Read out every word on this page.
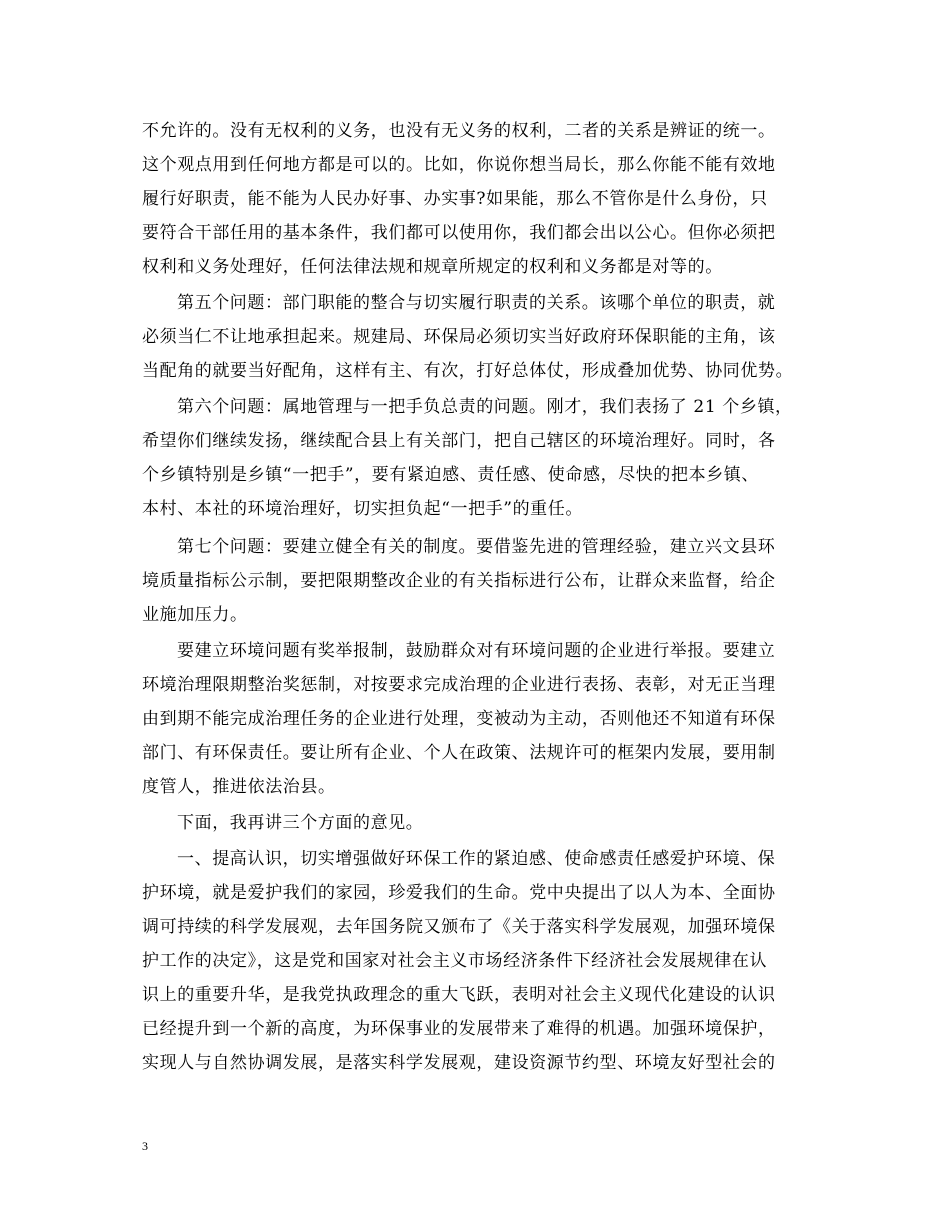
不允许的。没有无权利的义务，也没有无义务的权利，二者的关系是辨证的统一。
这个观点用到任何地方都是可以的。比如，你说你想当局长，那么你能不能有效地
履行好职责，能不能为人民办好事、办实事?如果能，那么不管你是什么身份，只
要符合干部任用的基本条件，我们都可以使用你，我们都会出以公心。但你必须把
权利和义务处理好，任何法律法规和规章所规定的权利和义务都是对等的。
第五个问题：部门职能的整合与切实履行职责的关系。该哪个单位的职责，就
必须当仁不让地承担起来。规建局、环保局必须切实当好政府环保职能的主角，该
当配角的就要当好配角，这样有主、有次，打好总体仗，形成叠加优势、协同优势。
第六个问题：属地管理与一把手负总责的问题。刚才，我们表扬了 21 个乡镇，
希望你们继续发扬，继续配合县上有关部门，把自己辖区的环境治理好。同时，各
个乡镇特别是乡镇“一把手”，要有紧迫感、责任感、使命感，尽快的把本乡镇、
本村、本社的环境治理好，切实担负起“一把手”的重任。
第七个问题：要建立健全有关的制度。要借鉴先进的管理经验，建立兴文县环
境质量指标公示制，要把限期整改企业的有关指标进行公布，让群众来监督，给企
业施加压力。
要建立环境问题有奖举报制，鼓励群众对有环境问题的企业进行举报。要建立
环境治理限期整治奖惩制，对按要求完成治理的企业进行表扬、表彰，对无正当理
由到期不能完成治理任务的企业进行处理，变被动为主动，否则他还不知道有环保
部门、有环保责任。要让所有企业、个人在政策、法规许可的框架内发展，要用制
度管人，推进依法治县。
下面，我再讲三个方面的意见。
一、提高认识，切实增强做好环保工作的紧迫感、使命感责任感爱护环境、保
护环境，就是爱护我们的家园，珍爱我们的生命。党中央提出了以人为本、全面协
调可持续的科学发展观，去年国务院又颁布了《关于落实科学发展观，加强环境保
护工作的决定》，这是党和国家对社会主义市场经济条件下经济社会发展规律在认
识上的重要升华，是我党执政理念的重大飞跃，表明对社会主义现代化建设的认识
已经提升到一个新的高度，为环保事业的发展带来了难得的机遇。加强环境保护，
实现人与自然协调发展，是落实科学发展观，建设资源节约型、环境友好型社会的
3
